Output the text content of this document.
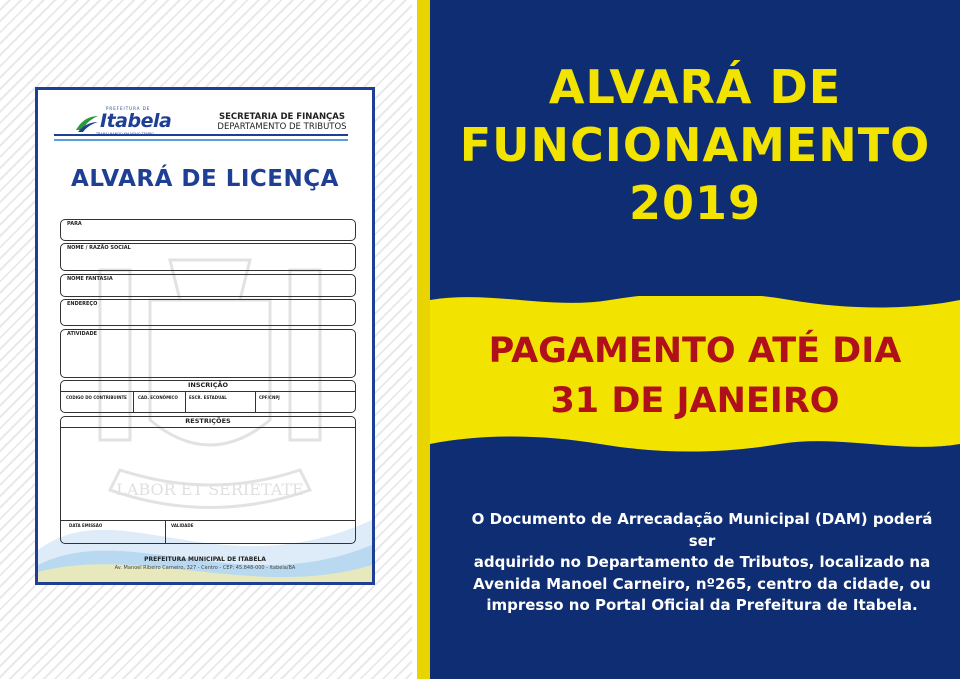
LABOR ET SERIETATE
PREFEITURA DE
Itabela	SECRETARIA DE FINANÇAS
DEPARTAMENTO DE TRIBUTOS
ALVARÁ DE LICENÇA
PARA
NOME / RAZÃO SOCIAL
NOME FANTASIA
ENDEREÇO
ATIVIDADE
INSCRIÇÃO
CODIGO DO CONTRIBUINTE	CAD. ECONÔMICO	ESCR. ESTADUAL	CPF/CNPJ
RESTRIÇÕES
DATA EMISSÃO	VALIDADE
PREFEITURA MUNICIPAL DE ITABELA
Av. Manoel Ribeiro Carneiro, 327 - Centro - CEP: 45.848-000 - Itabela/BA
ALVARÁ DE
FUNCIONAMENTO
2019
PAGAMENTO ATÉ DIA
31 DE JANEIRO
O Documento de Arrecadação Municipal (DAM) poderá ser
adquirido no Departamento de Tributos, localizado na
Avenida Manoel Carneiro, nº265, centro da cidade, ou
impresso no Portal Oficial da Prefeitura de Itabela.
